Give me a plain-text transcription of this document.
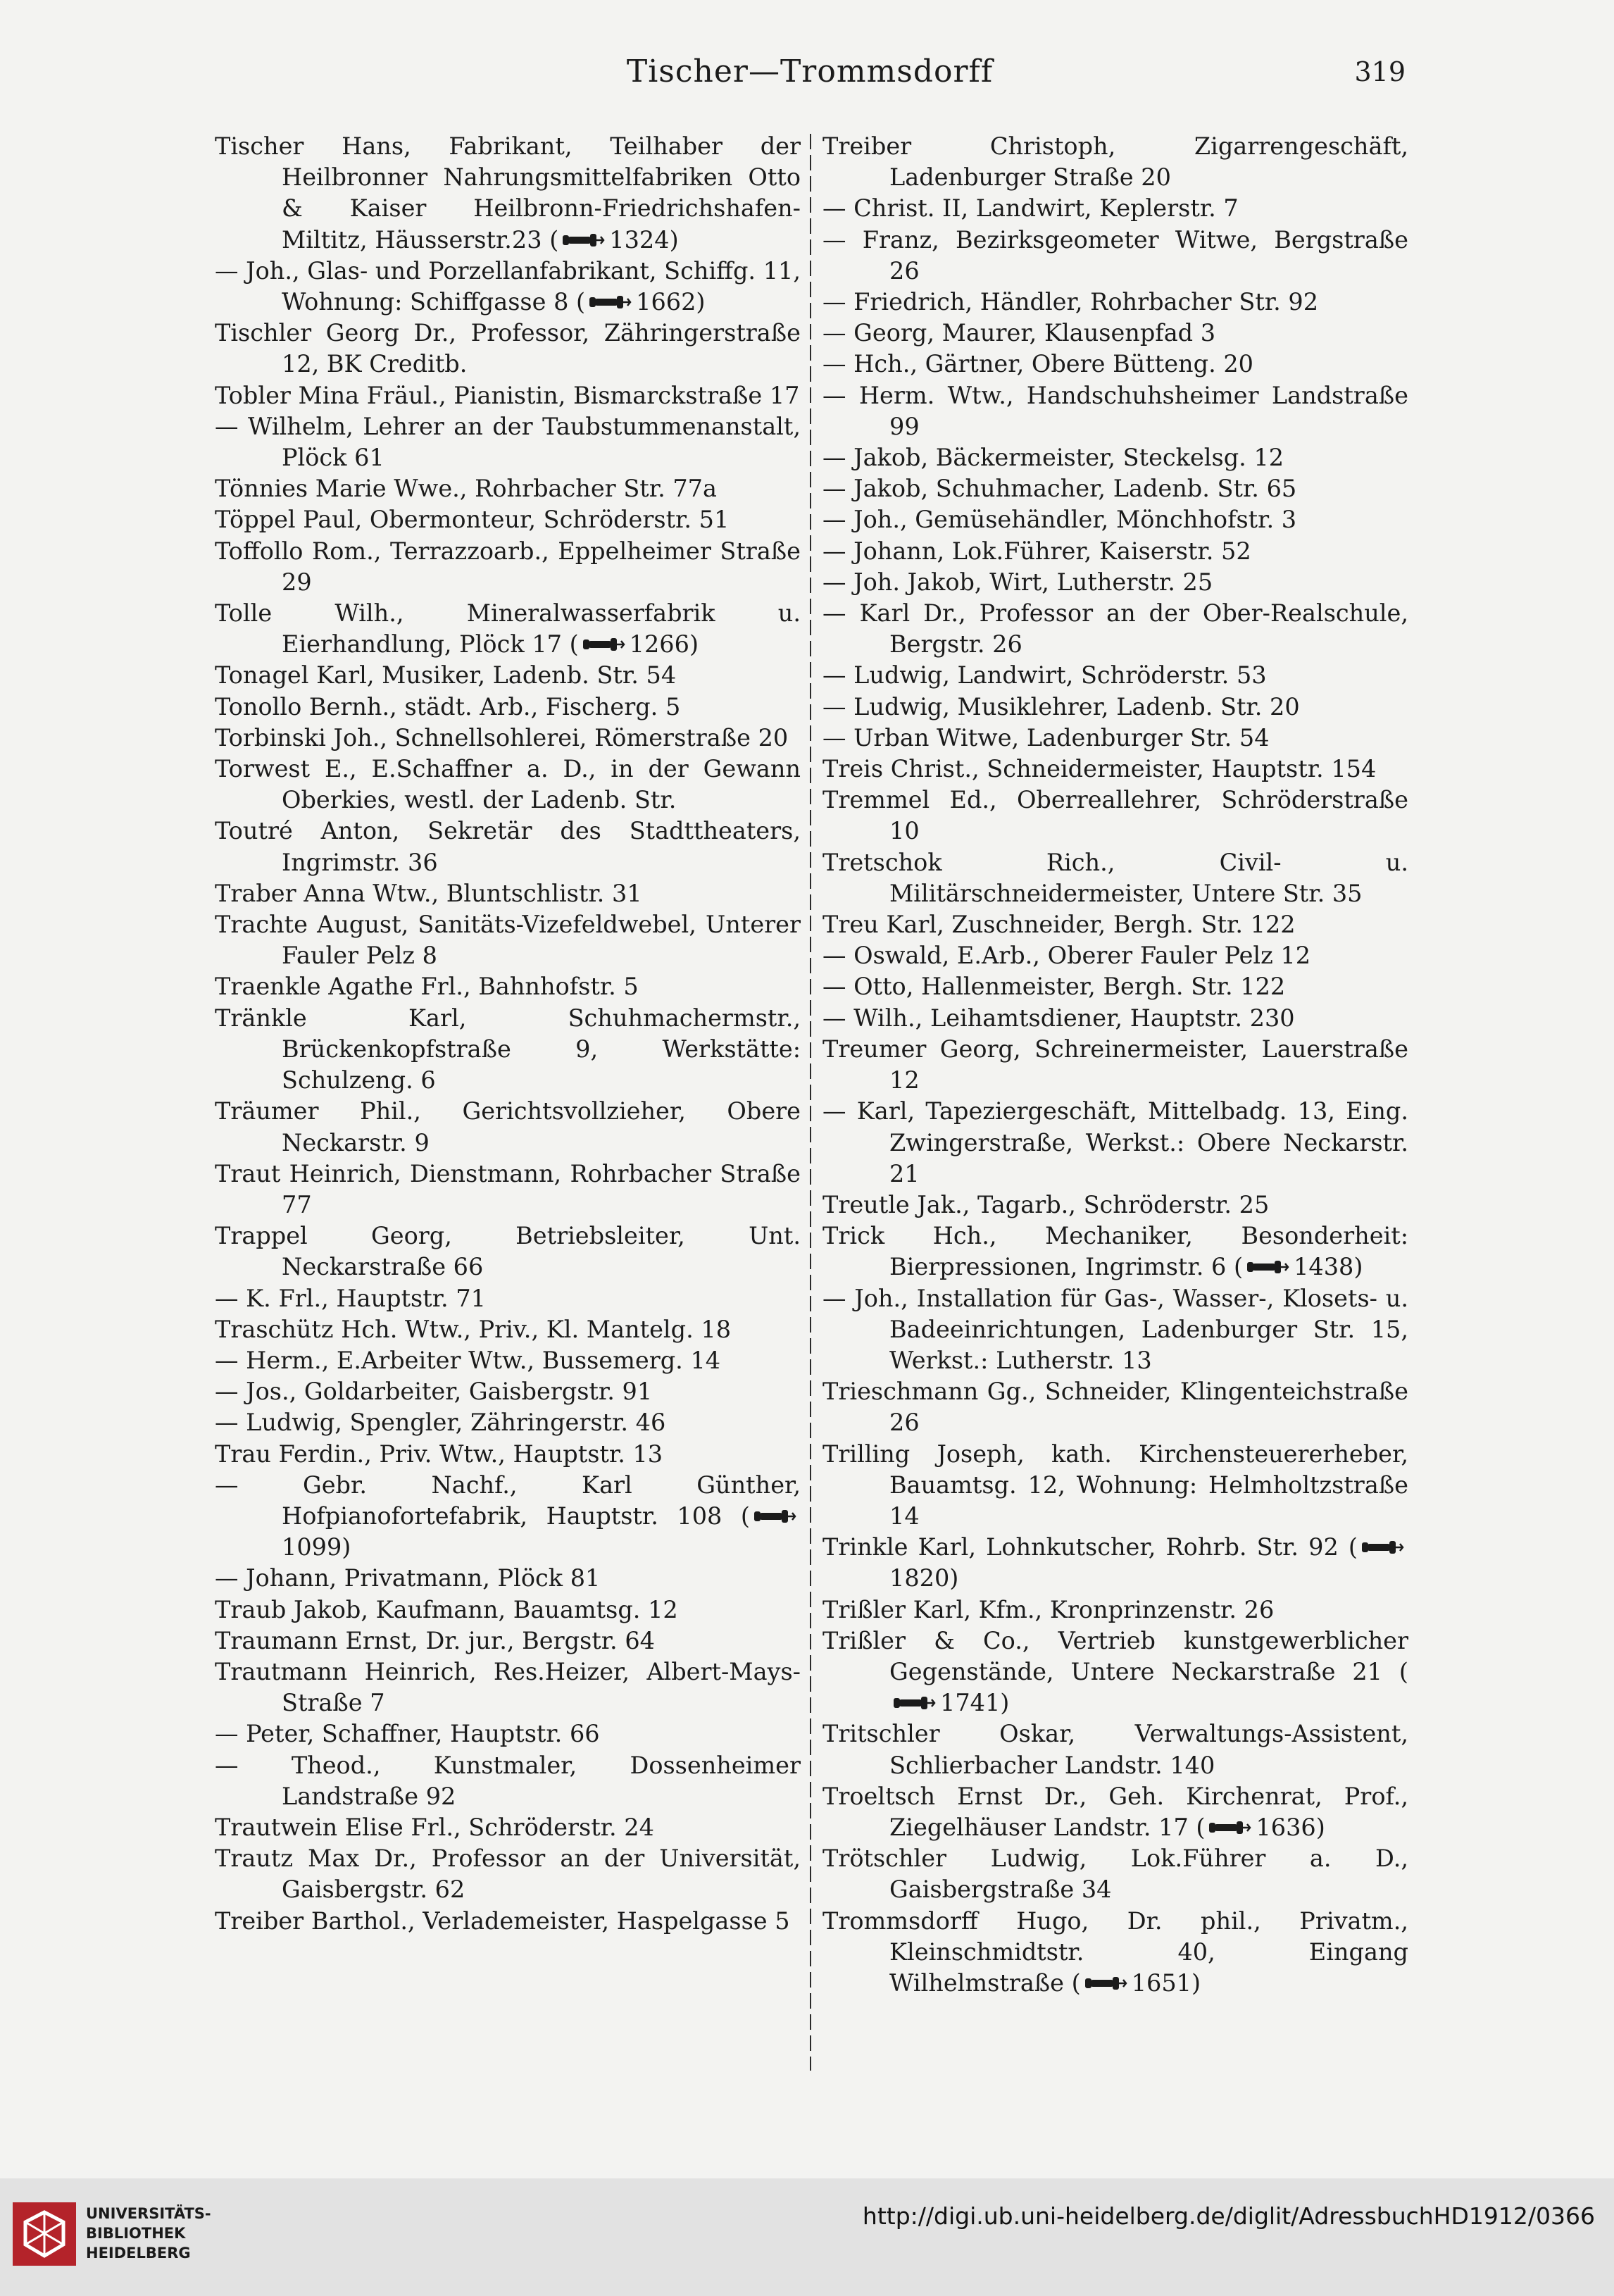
Tischer—Trommsdorff	319
Tischer Hans, Fabrikant, Teilhaber der Heilbronner Nahrungsmittelfabriken Otto & Kaiser Heilbronn-Friedrichshafen-Miltitz, Häusserstr.23 ( 1324)
— Joh., Glas- und Porzellanfabrikant, Schiffg. 11, Wohnung: Schiffgasse 8 ( 1662)
Tischler Georg Dr., Professor, Zähringerstraße 12, BK Creditb.
Tobler Mina Fräul., Pianistin, Bismarckstraße 17
— Wilhelm, Lehrer an der Taubstummenanstalt, Plöck 61
Tönnies Marie Wwe., Rohrbacher Str. 77a
Töppel Paul, Obermonteur, Schröderstr. 51
Toffollo Rom., Terrazzoarb., Eppelheimer Straße 29
Tolle Wilh., Mineralwasserfabrik u. Eierhandlung, Plöck 17 ( 1266)
Tonagel Karl, Musiker, Ladenb. Str. 54
Tonollo Bernh., städt. Arb., Fischerg. 5
Torbinski Joh., Schnellsohlerei, Römerstraße 20
Torwest E., E.Schaffner a. D., in der Gewann Oberkies, westl. der Ladenb. Str.
Toutré Anton, Sekretär des Stadttheaters, Ingrimstr. 36
Traber Anna Wtw., Bluntschlistr. 31
Trachte August, Sanitäts-Vizefeldwebel, Unterer Fauler Pelz 8
Traenkle Agathe Frl., Bahnhofstr. 5
Tränkle Karl, Schuhmachermstr., Brückenkopfstraße 9, Werkstätte: Schulzeng. 6
Träumer Phil., Gerichtsvollzieher, Obere Neckarstr. 9
Traut Heinrich, Dienstmann, Rohrbacher Straße 77
Trappel Georg, Betriebsleiter, Unt. Neckarstraße 66
— K. Frl., Hauptstr. 71
Traschütz Hch. Wtw., Priv., Kl. Mantelg. 18
— Herm., E.Arbeiter Wtw., Bussemerg. 14
— Jos., Goldarbeiter, Gaisbergstr. 91
— Ludwig, Spengler, Zähringerstr. 46
Trau Ferdin., Priv. Wtw., Hauptstr. 13
— Gebr. Nachf., Karl Günther, Hofpianofortefabrik, Hauptstr. 108 (1099)
— Johann, Privatmann, Plöck 81
Traub Jakob, Kaufmann, Bauamtsg. 12
Traumann Ernst, Dr. jur., Bergstr. 64
Trautmann Heinrich, Res.Heizer, Albert-Mays-Straße 7
— Peter, Schaffner, Hauptstr. 66
— Theod., Kunstmaler, Dossenheimer Landstraße 92
Trautwein Elise Frl., Schröderstr. 24
Trautz Max Dr., Professor an der Universität, Gaisbergstr. 62
Treiber Barthol., Verlademeister, Haspelgasse 5
Treiber Christoph, Zigarrengeschäft, Ladenburger Straße 20
— Christ. II, Landwirt, Keplerstr. 7
— Franz, Bezirksgeometer Witwe, Bergstraße 26
— Friedrich, Händler, Rohrbacher Str. 92
— Georg, Maurer, Klausenpfad 3
— Hch., Gärtner, Obere Bütteng. 20
— Herm. Wtw., Handschuhsheimer Landstraße 99
— Jakob, Bäckermeister, Steckelsg. 12
— Jakob, Schuhmacher, Ladenb. Str. 65
— Joh., Gemüsehändler, Mönchhofstr. 3
— Johann, Lok.Führer, Kaiserstr. 52
— Joh. Jakob, Wirt, Lutherstr. 25
— Karl Dr., Professor an der Ober-Realschule, Bergstr. 26
— Ludwig, Landwirt, Schröderstr. 53
— Ludwig, Musiklehrer, Ladenb. Str. 20
— Urban Witwe, Ladenburger Str. 54
Treis Christ., Schneidermeister, Hauptstr. 154
Tremmel Ed., Oberreallehrer, Schröderstraße 10
Tretschok Rich., Civil- u. Militärschneidermeister, Untere Str. 35
Treu Karl, Zuschneider, Bergh. Str. 122
— Oswald, E.Arb., Oberer Fauler Pelz 12
— Otto, Hallenmeister, Bergh. Str. 122
— Wilh., Leihamtsdiener, Hauptstr. 230
Treumer Georg, Schreinermeister, Lauerstraße 12
— Karl, Tapeziergeschäft, Mittelbadg. 13, Eing. Zwingerstraße, Werkst.: Obere Neckarstr. 21
Treutle Jak., Tagarb., Schröderstr. 25
Trick Hch., Mechaniker, Besonderheit: Bierpressionen, Ingrimstr. 6 ( 1438)
— Joh., Installation für Gas-, Wasser-, Klosets- u. Badeeinrichtungen, Ladenburger Str. 15, Werkst.: Lutherstr. 13
Trieschmann Gg., Schneider, Klingenteichstraße 26
Trilling Joseph, kath. Kirchensteuererheber, Bauamtsg. 12, Wohnung: Helmholtzstraße 14
Trinkle Karl, Lohnkutscher, Rohrb. Str. 92 (1820)
Trißler Karl, Kfm., Kronprinzenstr. 26
Trißler & Co., Vertrieb kunstgewerblicher Gegenstände, Untere Neckarstraße 21 (1741)
Tritschler Oskar, Verwaltungs-Assistent, Schlierbacher Landstr. 140
Troeltsch Ernst Dr., Geh. Kirchenrat, Prof., Ziegelhäuser Landstr. 17 ( 1636)
Trötschler Ludwig, Lok.Führer a. D., Gaisbergstraße 34
Trommsdorff Hugo, Dr. phil., Privatm., Kleinschmidtstr. 40, Eingang Wilhelmstraße ( 1651)
UNIVERSITÄTS-
BIBLIOTHEK
HEIDELBERG
http://digi.ub.uni-heidelberg.de/diglit/AdressbuchHD1912/0366
